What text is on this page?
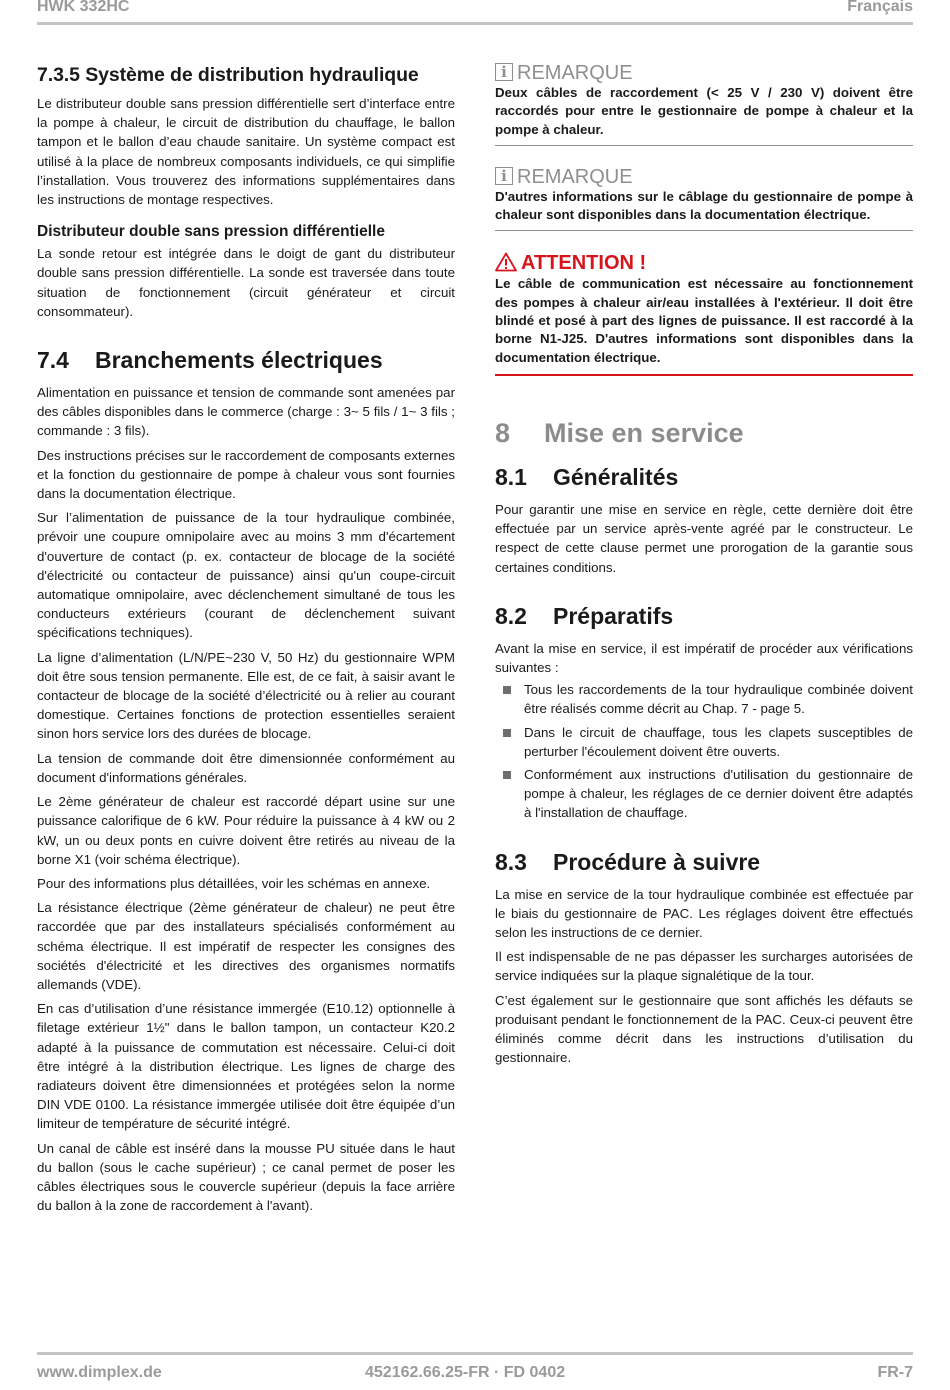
HWK 332HC	Français
7.3.5 Système de distribution hydraulique

Le distributeur double sans pression différentielle sert d’interface entre la pompe à chaleur, le circuit de distribution du chauffage, le ballon tampon et le ballon d’eau chaude sanitaire. Un système compact est utilisé à la place de nombreux composants individuels, ce qui simplifie l’installation. Vous trouverez des informations supplémentaires dans les instructions de montage respectives.

Distributeur double sans pression différentielle

La sonde retour est intégrée dans le doigt de gant du distributeur double sans pression différentielle. La sonde est traversée dans toute situation de fonctionnement (circuit générateur et circuit consommateur).

7.4 Branchements électriques

Alimentation en puissance et tension de commande sont amenées par des câbles disponibles dans le commerce (charge : 3~ 5 fils / 1~ 3 fils ; commande : 3 fils).

Des instructions précises sur le raccordement de composants externes et la fonction du gestionnaire de pompe à chaleur vous sont fournies dans la documentation électrique.

Sur l’alimentation de puissance de la tour hydraulique combinée, prévoir une coupure omnipolaire avec au moins 3 mm d'écartement d'ouverture de contact (p. ex. contacteur de blocage de la société d'électricité ou contacteur de puissance) ainsi qu'un coupe-circuit automatique omnipolaire, avec déclenchement simultané de tous les conducteurs extérieurs (courant de déclenchement suivant spécifications techniques).

La ligne d’alimentation (L/N/PE~230 V, 50 Hz) du gestionnaire WPM doit être sous tension permanente. Elle est, de ce fait, à saisir avant le contacteur de blocage de la société d’électricité ou à relier au courant domestique. Certaines fonctions de protection essentielles seraient sinon hors service lors des durées de blocage.

La tension de commande doit être dimensionnée conformément au document d'informations générales.

Le 2ème générateur de chaleur est raccordé départ usine sur une puissance calorifique de 6 kW. Pour réduire la puissance à 4 kW ou 2 kW, un ou deux ponts en cuivre doivent être retirés au niveau de la borne X1 (voir schéma électrique).

Pour des informations plus détaillées, voir les schémas en annexe.

La résistance électrique (2ème générateur de chaleur) ne peut être raccordée que par des installateurs spécialisés conformément au schéma électrique. Il est impératif de respecter les consignes des sociétés d'électricité et les directives des organismes normatifs allemands (VDE).

En cas d’utilisation d’une résistance immergée (E10.12) optionnelle à filetage extérieur 1½" dans le ballon tampon, un contacteur K20.2 adapté à la puissance de commutation est nécessaire. Celui-ci doit être intégré à la distribution électrique. Les lignes de charge des radiateurs doivent être dimensionnées et protégées selon la norme DIN VDE 0100. La résistance immergée utilisée doit être équipée d’un limiteur de température de sécurité intégré.

Un canal de câble est inséré dans la mousse PU située dans le haut du ballon (sous le cache supérieur) ; ce canal permet de poser les câbles électriques sous le couvercle supérieur (depuis la face arrière du ballon à la zone de raccordement à l'avant).

iREMARQUE

Deux câbles de raccordement (< 25 V / 230 V) doivent être raccordés pour entre le gestionnaire de pompe à chaleur et la pompe à chaleur.

iREMARQUE

D'autres informations sur le câblage du gestionnaire de pompe à chaleur sont disponibles dans la documentation électrique.

ATTENTION !

Le câble de communication est nécessaire au fonctionnement des pompes à chaleur air/eau installées à l'extérieur. Il doit être blindé et posé à part des lignes de puissance. Il est raccordé à la borne N1-J25. D'autres informations sont disponibles dans la documentation électrique.

8 Mise en service
8.1 Généralités

Pour garantir une mise en service en règle, cette dernière doit être effectuée par un service après-vente agréé par le constructeur. Le respect de cette clause permet une prorogation de la garantie sous certaines conditions.

8.2 Préparatifs

Avant la mise en service, il est impératif de procéder aux vérifications suivantes :

Tous les raccordements de la tour hydraulique combinée doivent être réalisés comme décrit au Chap. 7 - page 5.
Dans le circuit de chauffage, tous les clapets susceptibles de perturber l'écoulement doivent être ouverts.
Conformément aux instructions d'utilisation du gestionnaire de pompe à chaleur, les réglages de ce dernier doivent être adaptés à l'installation de chauffage.
8.3 Procédure à suivre

La mise en service de la tour hydraulique combinée est effectuée par le biais du gestionnaire de PAC. Les réglages doivent être effectués selon les instructions de ce dernier.

Il est indispensable de ne pas dépasser les surcharges autorisées de service indiquées sur la plaque signalétique de la tour.

C’est également sur le gestionnaire que sont affichés les défauts se produisant pendant le fonctionnement de la PAC. Ceux-ci peuvent être éliminés comme décrit dans les instructions d’utilisation du gestionnaire.

www.dimplex.de	452162.66.25-FR · FD 0402	FR-7
